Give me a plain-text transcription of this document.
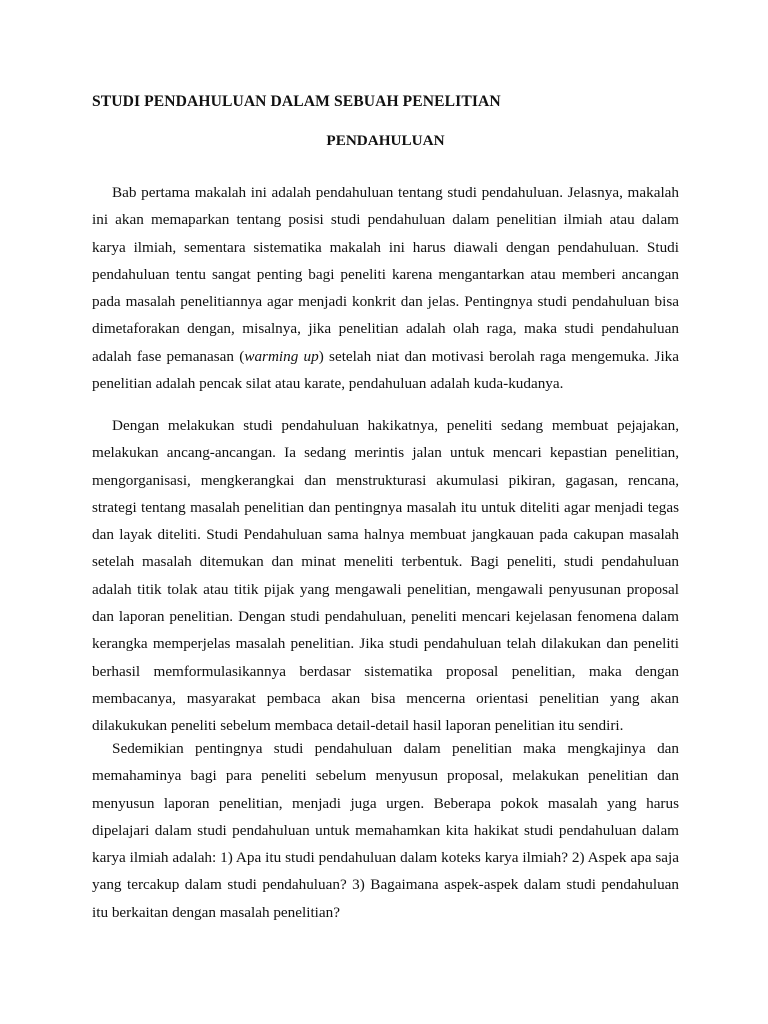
STUDI PENDAHULUAN DALAM SEBUAH PENELITIAN
PENDAHULUAN

Bab pertama makalah ini adalah pendahuluan tentang studi pendahuluan. Jelasnya, makalah ini akan memaparkan tentang posisi studi pendahuluan dalam penelitian ilmiah atau dalam karya ilmiah, sementara sistematika makalah ini harus diawali dengan pendahuluan. Studi pendahuluan tentu sangat penting bagi peneliti karena mengantarkan atau memberi ancangan pada masalah penelitiannya agar menjadi konkrit dan jelas. Pentingnya studi pendahuluan bisa dimetaforakan dengan, misalnya, jika penelitian adalah olah raga, maka studi pendahuluan adalah fase pemanasan (warming up) setelah niat dan motivasi berolah raga mengemuka. Jika penelitian adalah pencak silat atau karate, pendahuluan adalah kuda-kudanya.

Dengan melakukan studi pendahuluan hakikatnya, peneliti sedang membuat pejajakan, melakukan ancang-ancangan. Ia sedang merintis jalan untuk mencari kepastian penelitian, mengorganisasi, mengkerangkai dan menstrukturasi akumulasi pikiran, gagasan, rencana, strategi tentang masalah penelitian dan pentingnya masalah itu untuk diteliti agar menjadi tegas dan layak diteliti. Studi Pendahuluan sama halnya membuat jangkauan pada cakupan masalah setelah masalah ditemukan dan minat meneliti terbentuk. Bagi peneliti, studi pendahuluan adalah titik tolak atau titik pijak yang mengawali penelitian, mengawali penyusunan proposal dan laporan penelitian. Dengan studi pendahuluan, peneliti mencari kejelasan fenomena dalam kerangka memperjelas masalah penelitian. Jika studi pendahuluan telah dilakukan dan peneliti berhasil memformulasikannya berdasar sistematika proposal penelitian, maka dengan membacanya, masyarakat pembaca akan bisa mencerna orientasi penelitian yang akan dilakukukan peneliti sebelum membaca detail-detail hasil laporan penelitian itu sendiri.

Sedemikian pentingnya studi pendahuluan dalam penelitian maka mengkajinya dan memahaminya bagi para peneliti sebelum menyusun proposal, melakukan penelitian dan menyusun laporan penelitian, menjadi juga urgen. Beberapa pokok masalah yang harus dipelajari dalam studi pendahuluan untuk memahamkan kita hakikat studi pendahuluan dalam karya ilmiah adalah: 1) Apa itu studi pendahuluan dalam koteks karya ilmiah? 2) Aspek apa saja yang tercakup dalam studi pendahuluan? 3) Bagaimana aspek-aspek dalam studi pendahuluan itu berkaitan dengan masalah penelitian?
